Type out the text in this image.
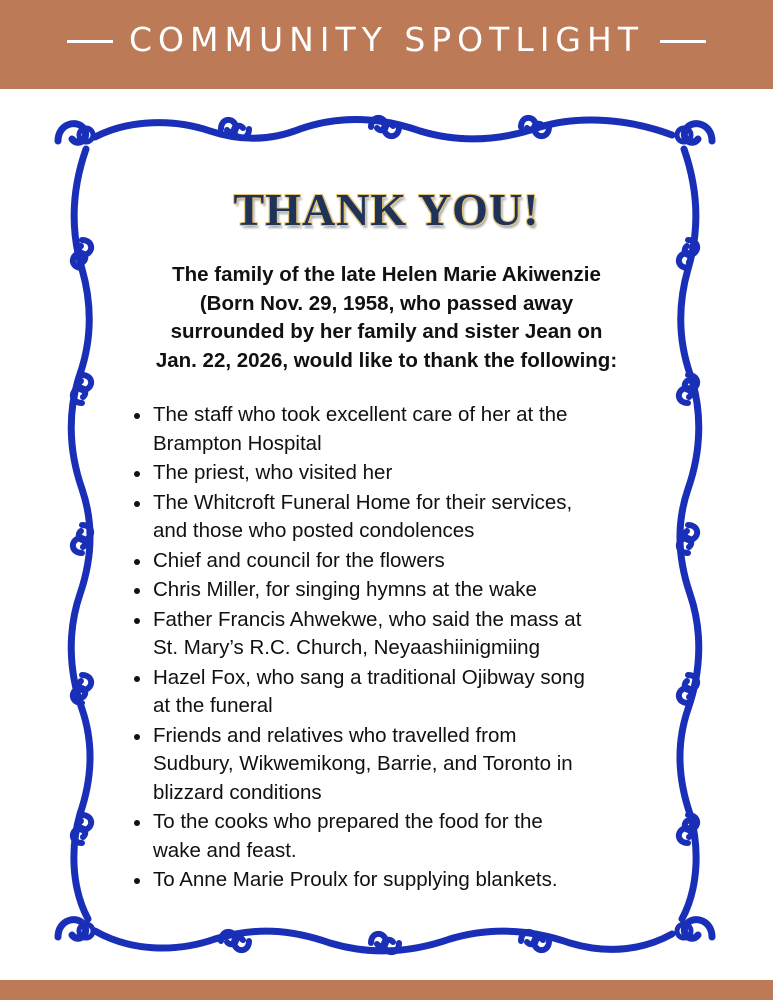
COMMUNITY SPOTLIGHT
THANK YOU!
The family of the late Helen Marie Akiwenzie
(Born Nov. 29, 1958, who passed away
surrounded by her family and sister Jean on
Jan. 22, 2026, would like to thank the following:
The staff who took excellent care of her at the
Brampton Hospital
The priest, who visited her
The Whitcroft Funeral Home for their services,
and those who posted condolences
Chief and council for the flowers
Chris Miller, for singing hymns at the wake
Father Francis Ahwekwe, who said the mass at
St. Mary’s R.C. Church, Neyaashiinigmiing
Hazel Fox, who sang a traditional Ojibway song
at the funeral
Friends and relatives who travelled from
Sudbury, Wikwemikong, Barrie, and Toronto in
blizzard conditions
To the cooks who prepared the food for the
wake and feast.
To Anne Marie Proulx for supplying blankets.
